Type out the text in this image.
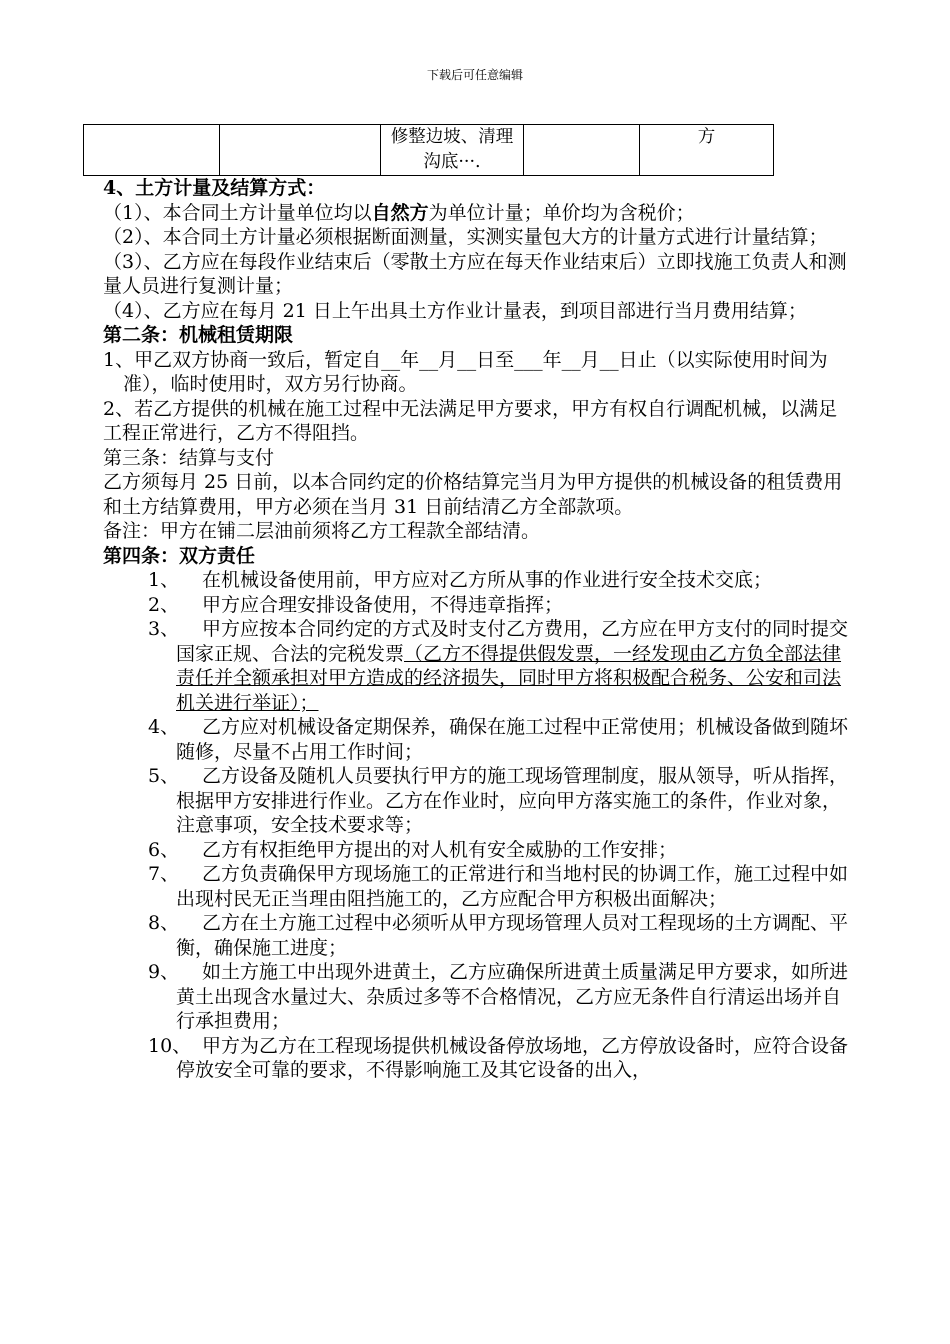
下载后可任意编辑
		修整边坡、清理沟底···.		方

4、土方计量及结算方式：

（1）、本合同土方计量单位均以自然方为单位计量；单价均为含税价；

（2）、本合同土方计量必须根据断面测量，实测实量包大方的计量方式进行计量结算；

（3）、乙方应在每段作业结束后（零散土方应在每天作业结束后）立即找施工负责人和测量人员进行复测计量；

（4）、乙方应在每月 21 日上午出具土方作业计量表，到项目部进行当月费用结算；

第二条：机械租赁期限

1、甲乙双方协商一致后，暂定自__年__月__日至___年__月__日止（以实际使用时间为准），临时使用时，双方另行协商。

2、若乙方提供的机械在施工过程中无法满足甲方要求，甲方有权自行调配机械，以满足工程正常进行，乙方不得阻挡。

第三条：结算与支付

乙方须每月 25 日前，以本合同约定的价格结算完当月为甲方提供的机械设备的租赁费用和土方结算费用，甲方必须在当月 31 日前结清乙方全部款项。

备注：甲方在铺二层油前须将乙方工程款全部结清。

第四条：双方责任

1、 在机械设备使用前，甲方应对乙方所从事的作业进行安全技术交底；
2、 甲方应合理安排设备使用，不得违章指挥；
3、 甲方应按本合同约定的方式及时支付乙方费用，乙方应在甲方支付的同时提交国家正规、合法的完税发票（乙方不得提供假发票，一经发现由乙方负全部法律责任并全额承担对甲方造成的经济损失，同时甲方将积极配合税务、公安和司法机关进行举证）；
4、 乙方应对机械设备定期保养，确保在施工过程中正常使用；机械设备做到随坏随修，尽量不占用工作时间；
5、 乙方设备及随机人员要执行甲方的施工现场管理制度，服从领导，听从指挥，根据甲方安排进行作业。乙方在作业时，应向甲方落实施工的条件，作业对象，注意事项，安全技术要求等；
6、 乙方有权拒绝甲方提出的对人机有安全威胁的工作安排；
7、 乙方负责确保甲方现场施工的正常进行和当地村民的协调工作，施工过程中如出现村民无正当理由阻挡施工的，乙方应配合甲方积极出面解决；
8、 乙方在土方施工过程中必须听从甲方现场管理人员对工程现场的土方调配、平衡，确保施工进度；
9、 如土方施工中出现外进黄土，乙方应确保所进黄土质量满足甲方要求，如所进黄土出现含水量过大、杂质过多等不合格情况，乙方应无条件自行清运出场并自行承担费用；
10、 甲方为乙方在工程现场提供机械设备停放场地，乙方停放设备时，应符合设备停放安全可靠的要求，不得影响施工及其它设备的出入，
